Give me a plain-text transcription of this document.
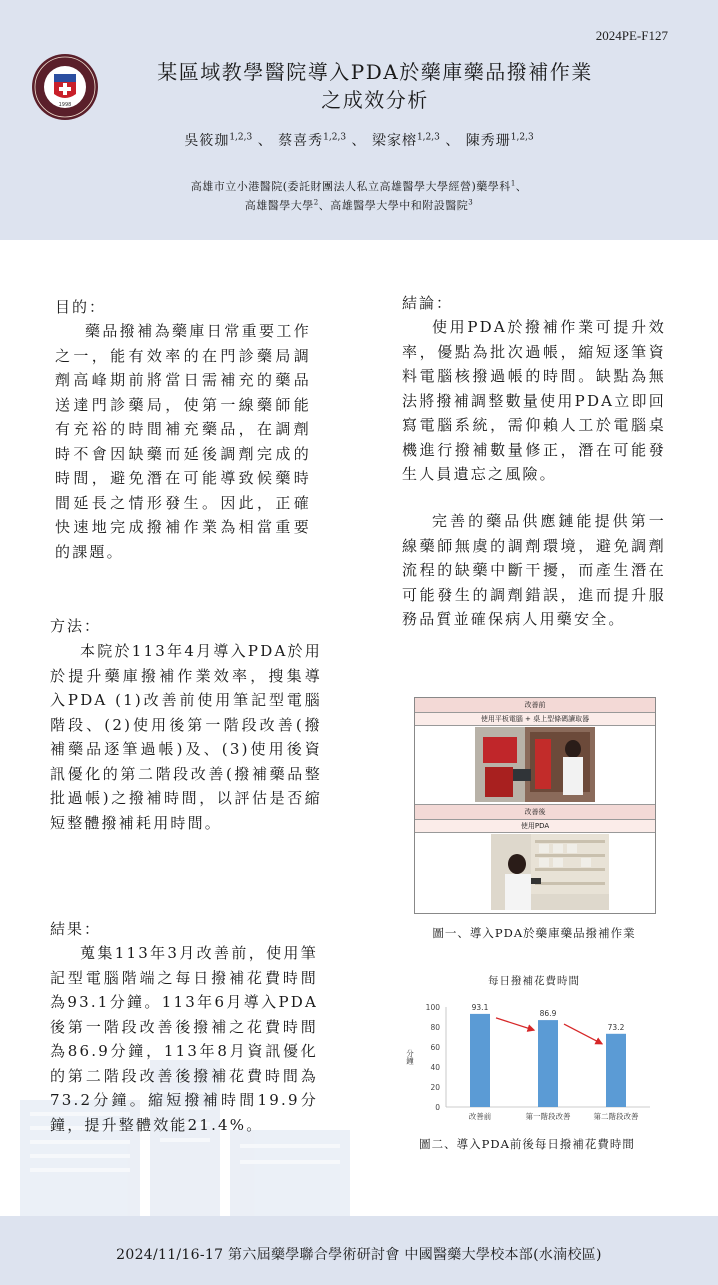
2024PE-F127
1998
某區域教學醫院導入PDA於藥庫藥品撥補作業
之成效分析
吳筱珈$^{1,2,3}$ 、 蔡喜秀$^{1,2,3}$ 、 梁家榕$^{1,2,3}$ 、 陳秀珊$^{1,2,3}$
高雄市立小港醫院(委託財團法人私立高雄醫學大學經營)藥學科$^1$、
高雄醫學大學$^2$、高雄醫學大學中和附設醫院$^3$
目的：
藥品撥補為藥庫日常重要工作之一，能有效率的在門診藥局調劑高峰期前將當日需補充的藥品送達門診藥局，使第一線藥師能有充裕的時間補充藥品，在調劑時不會因缺藥而延後調劑完成的時間，避免潛在可能導致候藥時間延長之情形發生。因此，正確快速地完成撥補作業為相當重要的課題。
方法：
本院於113年4月導入PDA於用於提升藥庫撥補作業效率，搜集導入PDA (1)改善前使用筆記型電腦階段、(2)使用後第一階段改善(撥補藥品逐筆過帳)及、(3)使用後資訊優化的第二階段改善(撥補藥品整批過帳)之撥補時間，以評估是否縮短整體撥補耗用時間。
結果：
蒐集113年3月改善前，使用筆記型電腦階端之每日撥補花費時間為93.1分鐘。113年6月導入PDA後第一階段改善後撥補之花費時間為86.9分鐘，113年8月資訊優化的第二階段改善後撥補花費時間為73.2分鐘。縮短撥補時間19.9分鐘，提升整體效能21.4%。
結論：
使用PDA於撥補作業可提升效率，優點為批次過帳，縮短逐筆資料電腦核撥過帳的時間。缺點為無法將撥補調整數量使用PDA立即回寫電腦系統，需仰賴人工於電腦桌機進行撥補數量修正，潛在可能發生人員遺忘之風險。
完善的藥品供應鏈能提供第一線藥師無虞的調劑環境，避免調劑流程的缺藥中斷干擾，而產生潛在可能發生的調劑錯誤，進而提升服務品質並確保病人用藥安全。
改善前
使用平板電腦 + 桌上型條碼讀取器
改善後
使用PDA
圖一、導入PDA於藥庫藥品撥補作業
每日撥補花費時間
0
20
40
60
80
100
分鐘
93.1
改善前
86.9
第一階段改善
73.2
第二階段改善
圖二、導入PDA前後每日撥補花費時間
2024/11/16-17 第六屆藥學聯合學術研討會 中國醫藥大學校本部(水湳校區)
